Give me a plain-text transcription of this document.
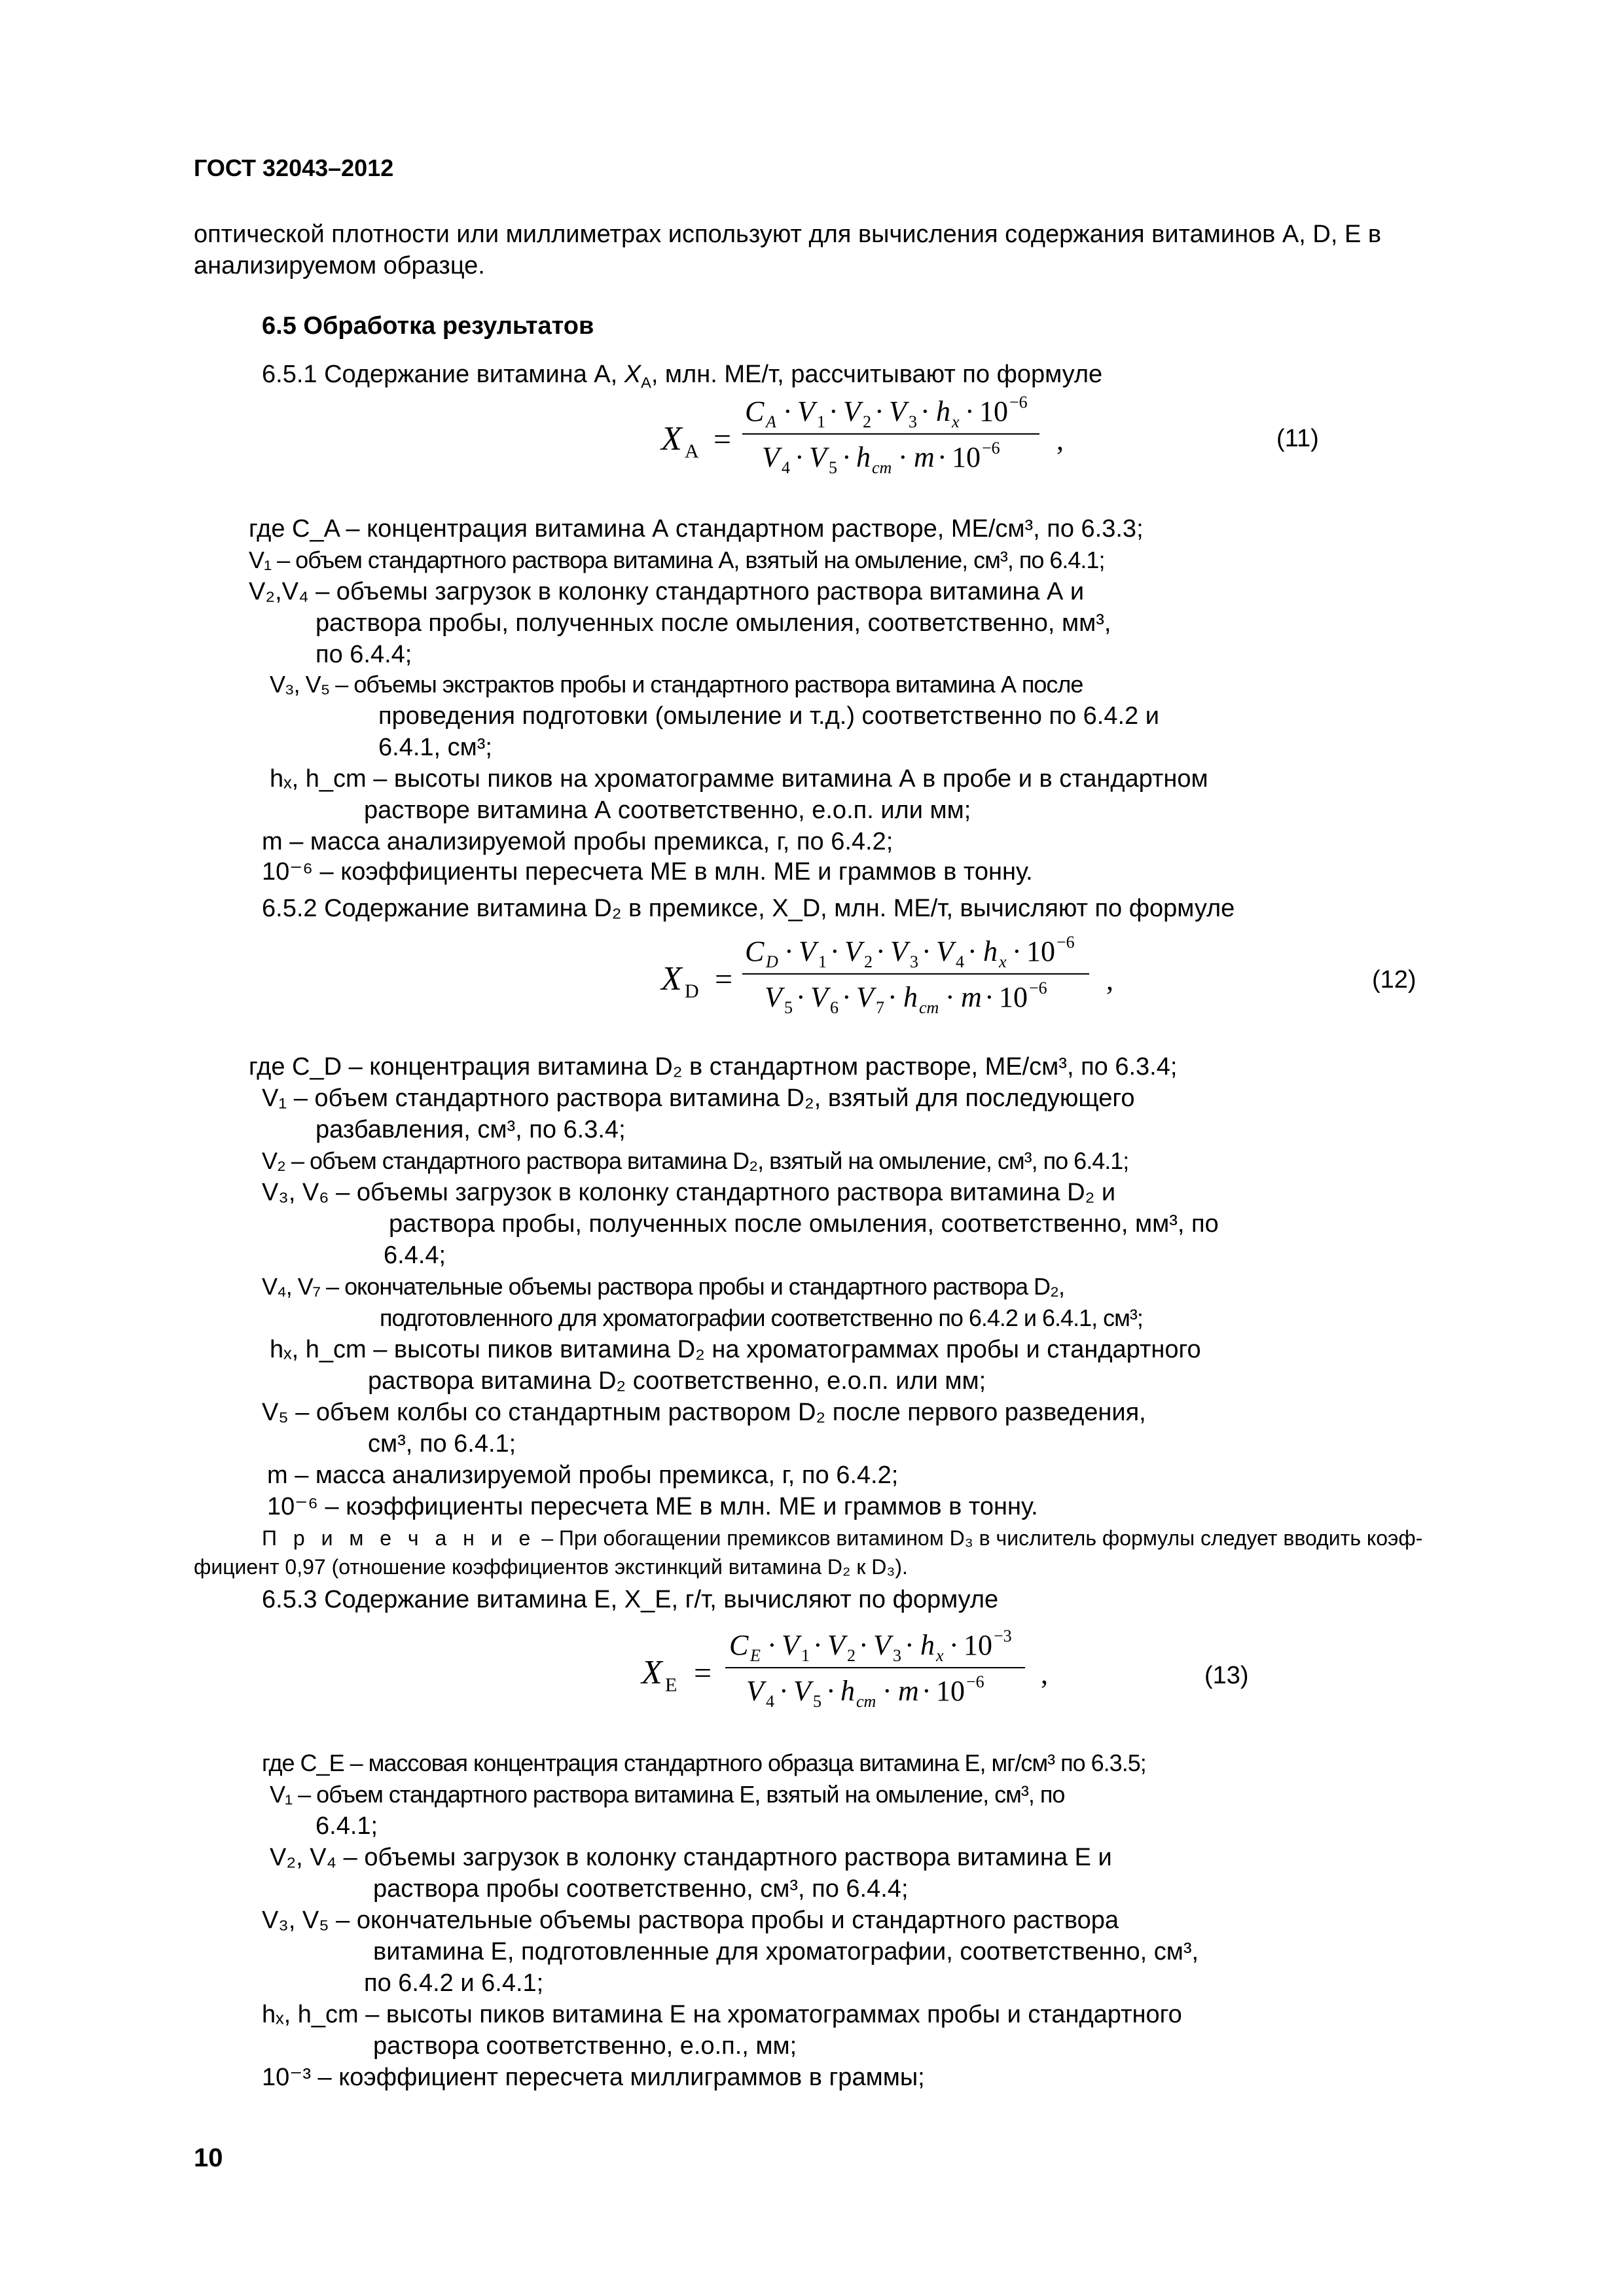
ГОСТ 32043–2012
оптической плотности или миллиметрах используют для вычисления содержания витаминов А, D, Е в
анализируемом образце.
6.5 Обработка результатов
6.5.1 Содержание витамина А, $X_А$, млн. МЕ/т, рассчитывают по формуле
X A =
C A · V 1 · V 2 · V 3 · h x · 10 −6
V 4 · V 5 · h cm · m · 10 −6 ,	(11)
где C_A – концентрация витамина А стандартном растворе, МЕ/см³, по 6.3.3;
V₁ – объем стандартного раствора витамина А, взятый на омыление, см³, по 6.4.1;
V₂,V₄ – объемы загрузок в колонку стандартного раствора витамина А и
раствора пробы, полученных после омыления, соответственно, мм³,
по 6.4.4;
V₃, V₅ – объемы экстрактов пробы и стандартного раствора витамина А после
проведения подготовки (омыление и т.д.) соответственно по 6.4.2 и
6.4.1, см³;
hₓ, h_cm – высоты пиков на хроматограмме витамина А в пробе и в стандартном
растворе витамина А соответственно, е.о.п. или мм;
m – масса анализируемой пробы премикса, г, по 6.4.2;
10⁻⁶ – коэффициенты пересчета МЕ в млн. МЕ и граммов в тонну.
6.5.2 Содержание витамина D₂ в премиксе, X_D, млн. МЕ/т, вычисляют по формуле
X D =
C D · V 1 · V 2 · V 3 · V 4 · h x · 10 −6
V 5 · V 6 · V 7 · h cm · m · 10 −6 ,	(12)
где C_D – концентрация витамина D₂ в стандартном растворе, МЕ/см³, по 6.3.4;
V₁ – объем стандартного раствора витамина D₂, взятый для последующего
разбавления, см³, по 6.3.4;
V₂ – объем стандартного раствора витамина D₂, взятый на омыление, см³, по 6.4.1;
V₃, V₆ – объемы загрузок в колонку стандартного раствора витамина D₂ и
раствора пробы, полученных после омыления, соответственно, мм³, по
6.4.4;
V₄, V₇ – окончательные объемы раствора пробы и стандартного раствора D₂,
подготовленного для хроматографии соответственно по 6.4.2 и 6.4.1, см³;
hₓ, h_cm – высоты пиков витамина D₂ на хроматограммах пробы и стандартного
раствора витамина D₂ соответственно, е.о.п. или мм;
V₅ – объем колбы со стандартным раствором D₂ после первого разведения,
см³, по 6.4.1;
m – масса анализируемой пробы премикса, г, по 6.4.2;
10⁻⁶ – коэффициенты пересчета МЕ в млн. МЕ и граммов в тонну.
П р и м е ч а н и е – При обогащении премиксов витамином D₃ в числитель формулы следует вводить коэф-
фициент 0,97 (отношение коэффициентов экстинкций витамина D₂ к D₃).
6.5.3 Содержание витамина Е, X_E, г/т, вычисляют по формуле
X E =
C E · V 1 · V 2 · V 3 · h x · 10 −3
V 4 · V 5 · h cm · m · 10 −6 ,	(13)
где C_E – массовая концентрация стандартного образца витамина Е, мг/см³ по 6.3.5;
V₁ – объем стандартного раствора витамина Е, взятый на омыление, см³, по
6.4.1;
V₂, V₄ – объемы загрузок в колонку стандартного раствора витамина Е и
раствора пробы соответственно, см³, по 6.4.4;
V₃, V₅ – окончательные объемы раствора пробы и стандартного раствора
витамина Е, подготовленные для хроматографии, соответственно, см³,
по 6.4.2 и 6.4.1;
hₓ, h_cm – высоты пиков витамина Е на хроматограммах пробы и стандартного
раствора соответственно, е.о.п., мм;
10⁻³ – коэффициент пересчета миллиграммов в граммы;
10
